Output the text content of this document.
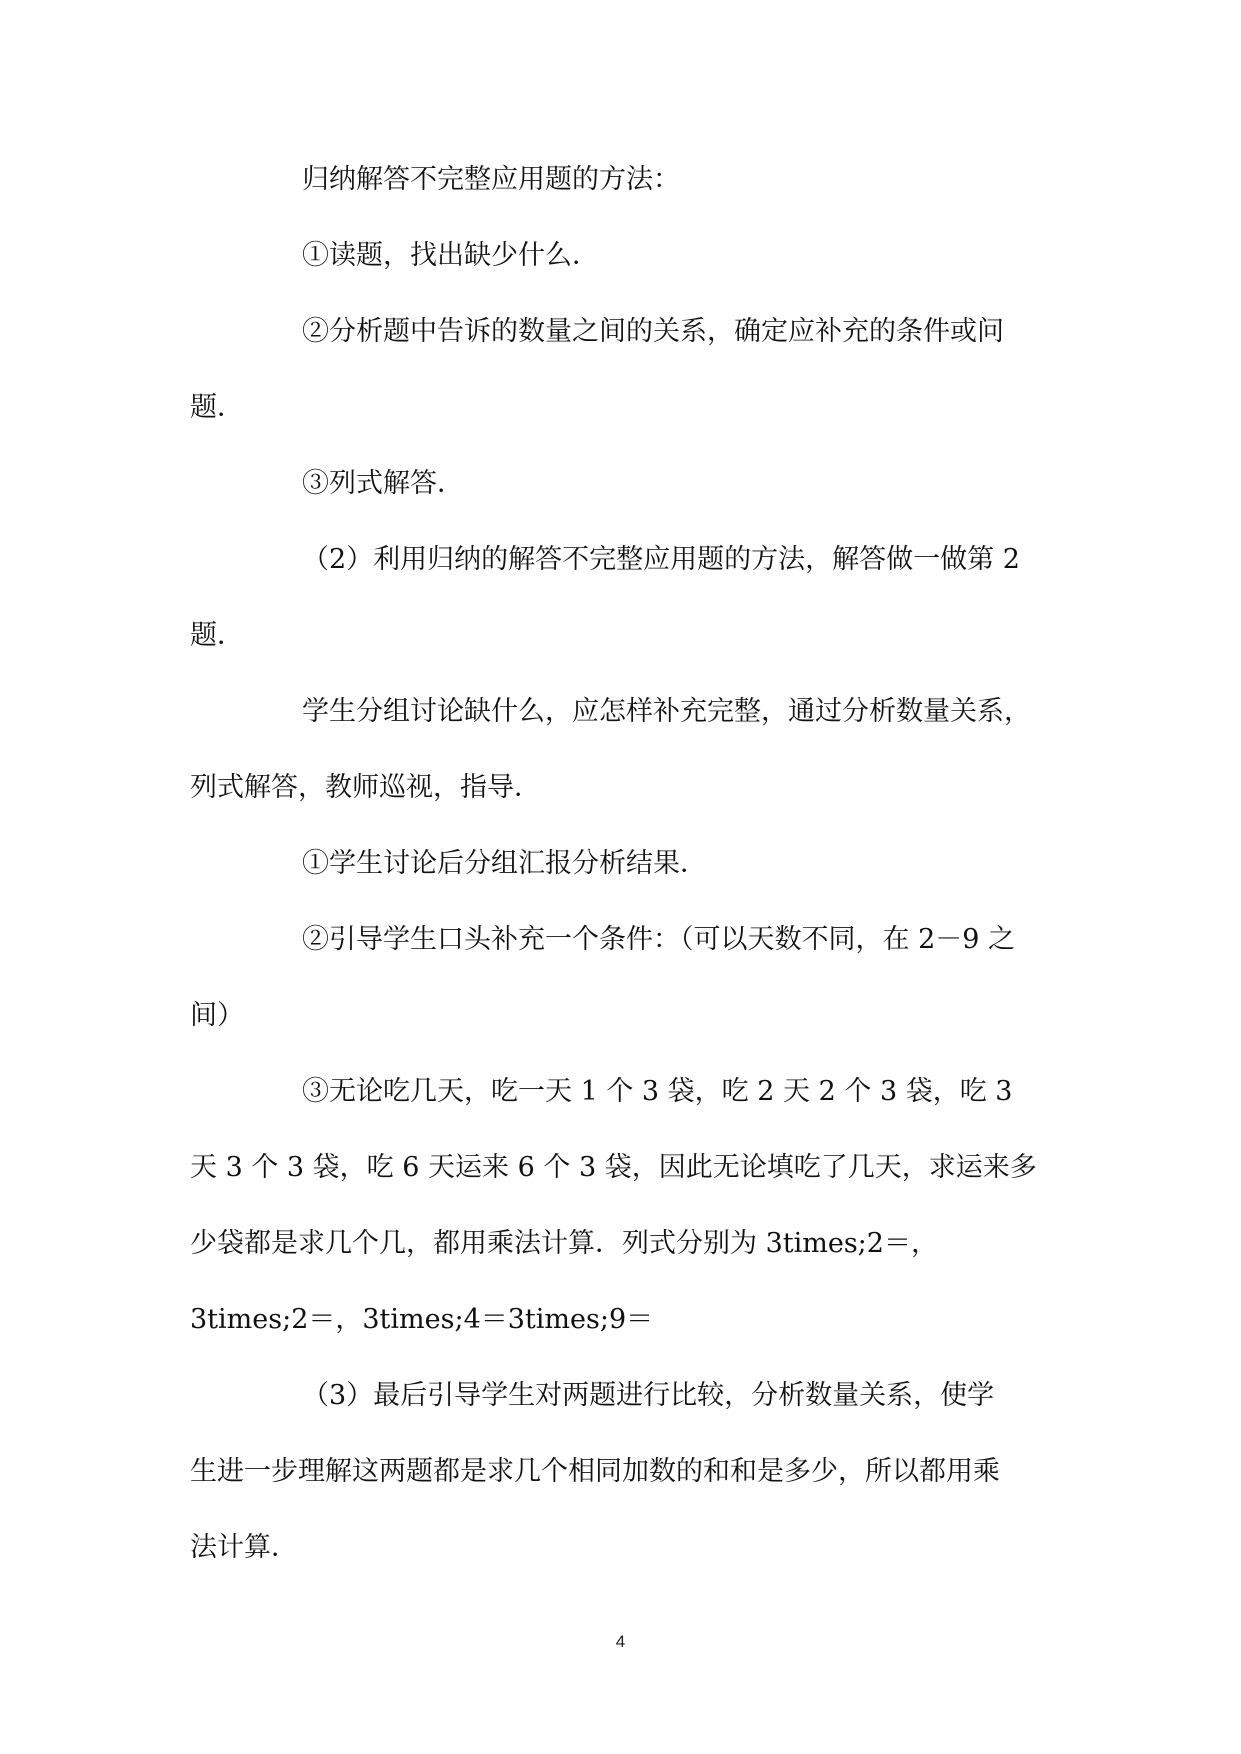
归纳解答不完整应用题的方法：
①读题，找出缺少什么．
②分析题中告诉的数量之间的关系，确定应补充的条件或问
题．
③列式解答．
（2）利用归纳的解答不完整应用题的方法，解答做一做第 2
题．
学生分组讨论缺什么，应怎样补充完整，通过分析数量关系，
列式解答，教师巡视，指导．
①学生讨论后分组汇报分析结果．
②引导学生口头补充一个条件：（可以天数不同，在 2－9 之
间）
③无论吃几天，吃一天 1 个 3 袋，吃 2 天 2 个 3 袋，吃 3
天 3 个 3 袋，吃 6 天运来 6 个 3 袋，因此无论填吃了几天，求运来多
少袋都是求几个几，都用乘法计算．列式分别为 3times;2＝，
3times;2＝，3times;4＝3times;9＝
（3）最后引导学生对两题进行比较，分析数量关系，使学
生进一步理解这两题都是求几个相同加数的和和是多少，所以都用乘
法计算．
4
